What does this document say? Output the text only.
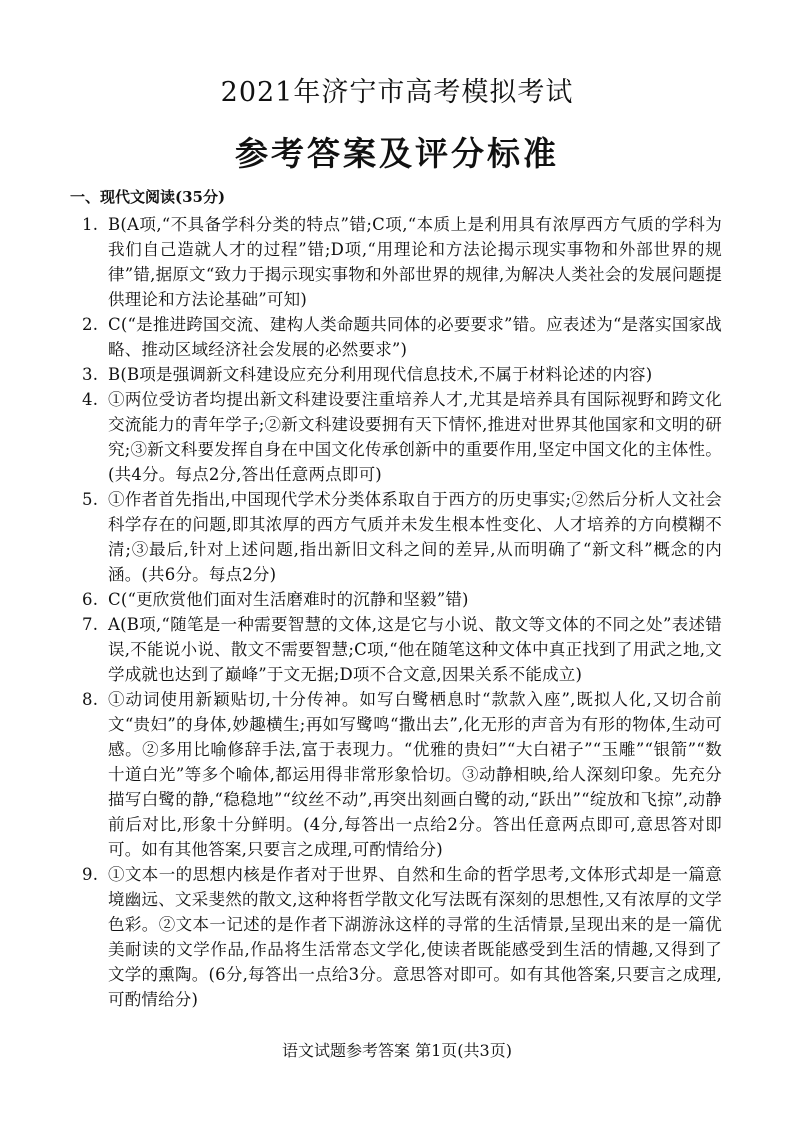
2021年济宁市高考模拟考试
参考答案及评分标准
一、现代文阅读(35分)
1. B(A项,“不具备学科分类的特点”错;C项,“本质上是利用具有浓厚西方气质的学科为我们自己造就人才的过程”错;D项,“用理论和方法论揭示现实事物和外部世界的规律”错,据原文“致力于揭示现实事物和外部世界的规律,为解决人类社会的发展问题提供理论和方法论基础”可知)
2. C(“是推进跨国交流、建构人类命题共同体的必要要求”错。应表述为“是落实国家战略、推动区域经济社会发展的必然要求”)
3. B(B项是强调新文科建设应充分利用现代信息技术,不属于材料论述的内容)
4. ①两位受访者均提出新文科建设要注重培养人才,尤其是培养具有国际视野和跨文化交流能力的青年学子;②新文科建设要拥有天下情怀,推进对世界其他国家和文明的研究;③新文科要发挥自身在中国文化传承创新中的重要作用,坚定中国文化的主体性。(共4分。每点2分,答出任意两点即可)
5. ①作者首先指出,中国现代学术分类体系取自于西方的历史事实;②然后分析人文社会科学存在的问题,即其浓厚的西方气质并未发生根本性变化、人才培养的方向模糊不清;③最后,针对上述问题,指出新旧文科之间的差异,从而明确了“新文科”概念的内涵。(共6分。每点2分)
6. C(“更欣赏他们面对生活磨难时的沉静和坚毅”错)
7. A(B项,“随笔是一种需要智慧的文体,这是它与小说、散文等文体的不同之处”表述错误,不能说小说、散文不需要智慧;C项,“他在随笔这种文体中真正找到了用武之地,文学成就也达到了巅峰”于文无据;D项不合文意,因果关系不能成立)
8. ①动词使用新颖贴切,十分传神。如写白鹭栖息时“款款入座”,既拟人化,又切合前文“贵妇”的身体,妙趣横生;再如写鹭鸣“撒出去”,化无形的声音为有形的物体,生动可感。②多用比喻修辞手法,富于表现力。“优雅的贵妇”“大白裙子”“玉雕”“银箭”“数十道白光”等多个喻体,都运用得非常形象恰切。③动静相映,给人深刻印象。先充分描写白鹭的静,“稳稳地”“纹丝不动”,再突出刻画白鹭的动,“跃出”“绽放和飞掠”,动静前后对比,形象十分鲜明。(4分,每答出一点给2分。答出任意两点即可,意思答对即可。如有其他答案,只要言之成理,可酌情给分)
9. ①文本一的思想内核是作者对于世界、自然和生命的哲学思考,文体形式却是一篇意境幽远、文采斐然的散文,这种将哲学散文化写法既有深刻的思想性,又有浓厚的文学色彩。②文本一记述的是作者下湖游泳这样的寻常的生活情景,呈现出来的是一篇优美耐读的文学作品,作品将生活常态文学化,使读者既能感受到生活的情趣,又得到了文学的熏陶。(6分,每答出一点给3分。意思答对即可。如有其他答案,只要言之成理,可酌情给分)
语文试题参考答案 第1页(共3页)
